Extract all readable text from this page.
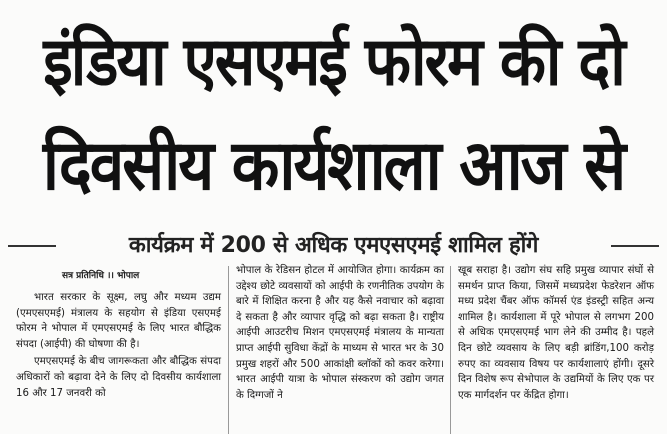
इंडिया एसएमई फोरम की दो
दिवसीय कार्यशाला आज से
कार्यक्रम में 200 से अधिक एमएसएमई शामिल होंगे
सत्र प्रतिनिधि ।। भोपाल

भारत सरकार के सूक्ष्म, लघु और मध्यम उद्यम (एमएसएमई) मंत्रालय के सहयोग से इंडिया एसएमई फोरम ने भोपाल में एमएसएमई के लिए भारत बौद्धिक संपदा (आईपी) की घोषणा की है।

एमएसएमई के बीच जागरूकता और बौद्धिक संपदा अधिकारों को बढ़ावा देने के लिए दो दिवसीय कार्यशाला 16 और 17 जनवरी को

भोपाल के रेडिसन होटल में आयोजित होगा। कार्यक्रम का उद्देश्य छोटे व्यवसायों को आईपी के रणनीतिक उपयोग के बारे में शिक्षित करना है और यह कैसे नवाचार को बढ़ावा दे सकता है और व्यापार वृद्धि को बढ़ा सकता है। राष्ट्रीय आईपी आउटरीच मिशन एमएसएमई मंत्रालय के मान्यता प्राप्त आईपी सुविधा केंद्रों के माध्यम से भारत भर के 30 प्रमुख शहरों और 500 आकांक्षी ब्लॉकों को कवर करेगा। भारत आईपी यात्रा के भोपाल संस्करण को उद्योग जगत के दिग्गजों ने

खूब सराहा है। उद्योग संघ सहि प्रमुख व्यापार संघों से समर्थन प्राप्त किया, जिसमें मध्यप्रदेश फेडरेशन ऑफ मध्य प्रदेश चैंबर ऑफ कॉमर्स एंड इंडस्ट्री सहित अन्य शामिल है। कार्यशाला में पूरे भोपाल से लगभग 200 से अधिक एमएसएमई भाग लेने की उम्मीद है। पहले दिन छोटे व्यवसाय के लिए बड़ी ब्रांडिंग,100 करोड़ रुपए का व्यवसाय विषय पर कार्यशालाएं होंगी। दूसरे दिन विशेष रूप सेभोपाल के उद्यमियों के लिए एक पर एक मार्गदर्शन पर केंद्रित होगा।
